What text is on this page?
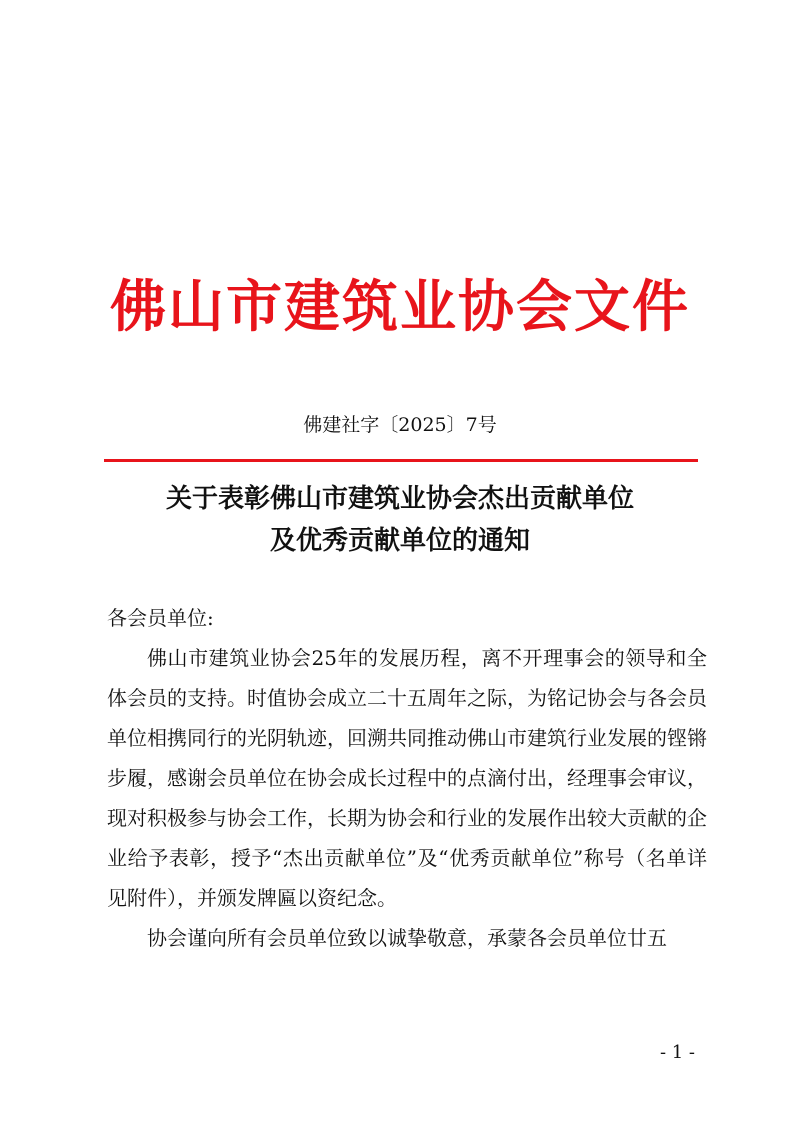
佛山市建筑业协会文件
佛建社字〔2025〕7号
关于表彰佛山市建筑业协会杰出贡献单位
及优秀贡献单位的通知

各会员单位:

佛山市建筑业协会25年的发展历程，离不开理事会的领导和全体会员的支持。时值协会成立二十五周年之际，为铭记协会与各会员单位相携同行的光阴轨迹，回溯共同推动佛山市建筑行业发展的铿锵步履，感谢会员单位在协会成长过程中的点滴付出，经理事会审议，现对积极参与协会工作，长期为协会和行业的发展作出较大贡献的企业给予表彰，授予“杰出贡献单位”及“优秀贡献单位”称号（名单详见附件），并颁发牌匾以资纪念。

协会谨向所有会员单位致以诚挚敬意，承蒙各会员单位廿五

- 1 -
